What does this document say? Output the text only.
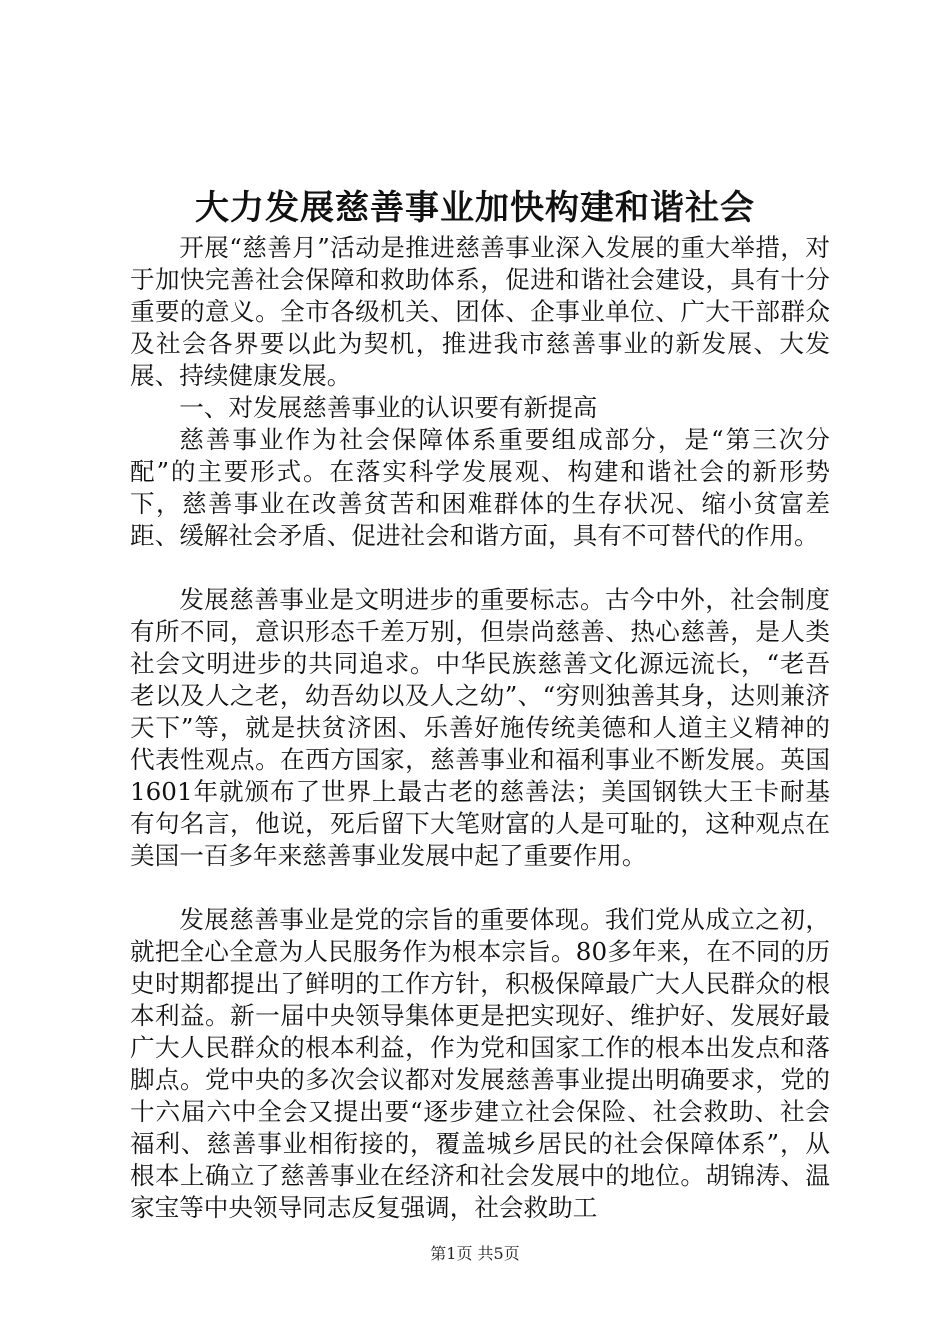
大力发展慈善事业加快构建和谐社会

开展“慈善月”活动是推进慈善事业深入发展的重大举措，对于加快完善社会保障和救助体系，促进和谐社会建设，具有十分重要的意义。全市各级机关、团体、企事业单位、广大干部群众及社会各界要以此为契机，推进我市慈善事业的新发展、大发展、持续健康发展。

一、对发展慈善事业的认识要有新提高

慈善事业作为社会保障体系重要组成部分，是“第三次分配”的主要形式。在落实科学发展观、构建和谐社会的新形势下，慈善事业在改善贫苦和困难群体的生存状况、缩小贫富差距、缓解社会矛盾、促进社会和谐方面，具有不可替代的作用。

发展慈善事业是文明进步的重要标志。古今中外，社会制度有所不同，意识形态千差万别，但崇尚慈善、热心慈善，是人类社会文明进步的共同追求。中华民族慈善文化源远流长，“老吾老以及人之老，幼吾幼以及人之幼”、“穷则独善其身，达则兼济天下”等，就是扶贫济困、乐善好施传统美德和人道主义精神的代表性观点。在西方国家，慈善事业和福利事业不断发展。英国1601年就颁布了世界上最古老的慈善法；美国钢铁大王卡耐基有句名言，他说，死后留下大笔财富的人是可耻的，这种观点在美国一百多年来慈善事业发展中起了重要作用。

发展慈善事业是党的宗旨的重要体现。我们党从成立之初，就把全心全意为人民服务作为根本宗旨。80多年来，在不同的历史时期都提出了鲜明的工作方针，积极保障最广大人民群众的根本利益。新一届中央领导集体更是把实现好、维护好、发展好最广大人民群众的根本利益，作为党和国家工作的根本出发点和落脚点。党中央的多次会议都对发展慈善事业提出明确要求，党的十六届六中全会又提出要“逐步建立社会保险、社会救助、社会福利、慈善事业相衔接的，覆盖城乡居民的社会保障体系”，从根本上确立了慈善事业在经济和社会发展中的地位。胡锦涛、温家宝等中央领导同志反复强调，社会救助工

第1页 共5页
